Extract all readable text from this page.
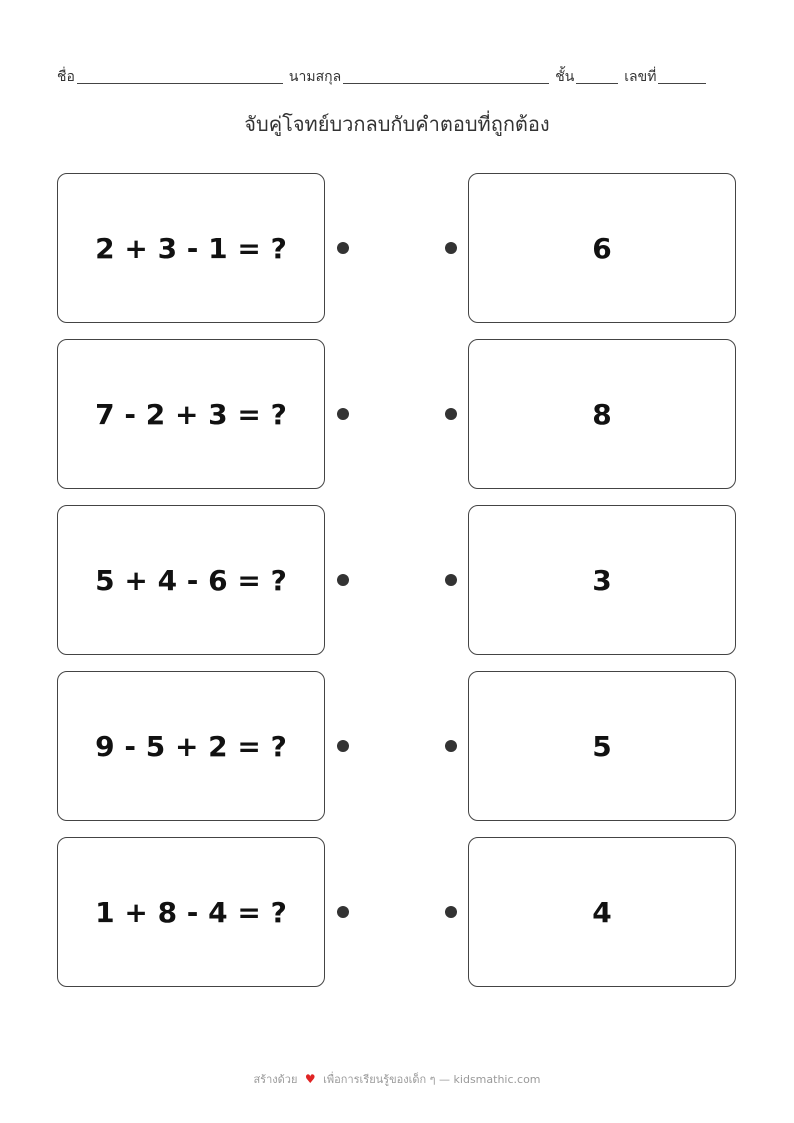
ชื่อ	นามสกุล	ชั้น	เลขที่
จับคู่โจทย์บวกลบกับคำตอบที่ถูกต้อง
2 + 3 - 1 = ?	6
7 - 2 + 3 = ?	8
5 + 4 - 6 = ?	3
9 - 5 + 2 = ?	5
1 + 8 - 4 = ?	4
สร้างด้วย ♥ เพื่อการเรียนรู้ของเด็ก ๆ — kidsmathic.com
